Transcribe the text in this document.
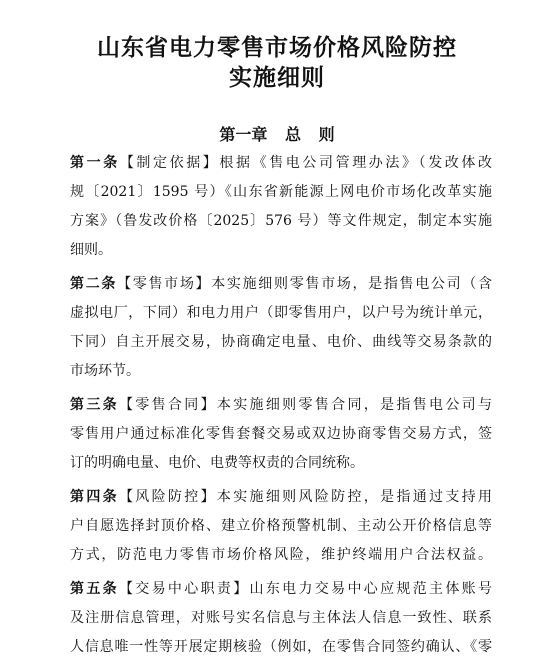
山东省电力零售市场价格风险防控
实施细则
第一章 总 则
第一条【制定依据】根据《售电公司管理办法》（发改体改
规〔2021〕1595 号）《山东省新能源上网电价市场化改革实施
方案》（鲁发改价格〔2025〕576 号）等文件规定，制定本实施
细则。
第二条【零售市场】本实施细则零售市场，是指售电公司（含
虚拟电厂，下同）和电力用户（即零售用户，以户号为统计单元，
下同）自主开展交易，协商确定电量、电价、曲线等交易条款的
市场环节。
第三条【零售合同】本实施细则零售合同，是指售电公司与
零售用户通过标准化零售套餐交易或双边协商零售交易方式，签
订的明确电量、电价、电费等权责的合同统称。
第四条【风险防控】本实施细则风险防控，是指通过支持用
户自愿选择封顶价格、建立价格预警机制、主动公开价格信息等
方式，防范电力零售市场价格风险，维护终端用户合法权益。
第五条【交易中心职责】山东电力交易中心应规范主体账号
及注册信息管理，对账号实名信息与主体法人信息一致性、联系
人信息唯一性等开展定期核验（例如，在零售合同签约确认、《零
